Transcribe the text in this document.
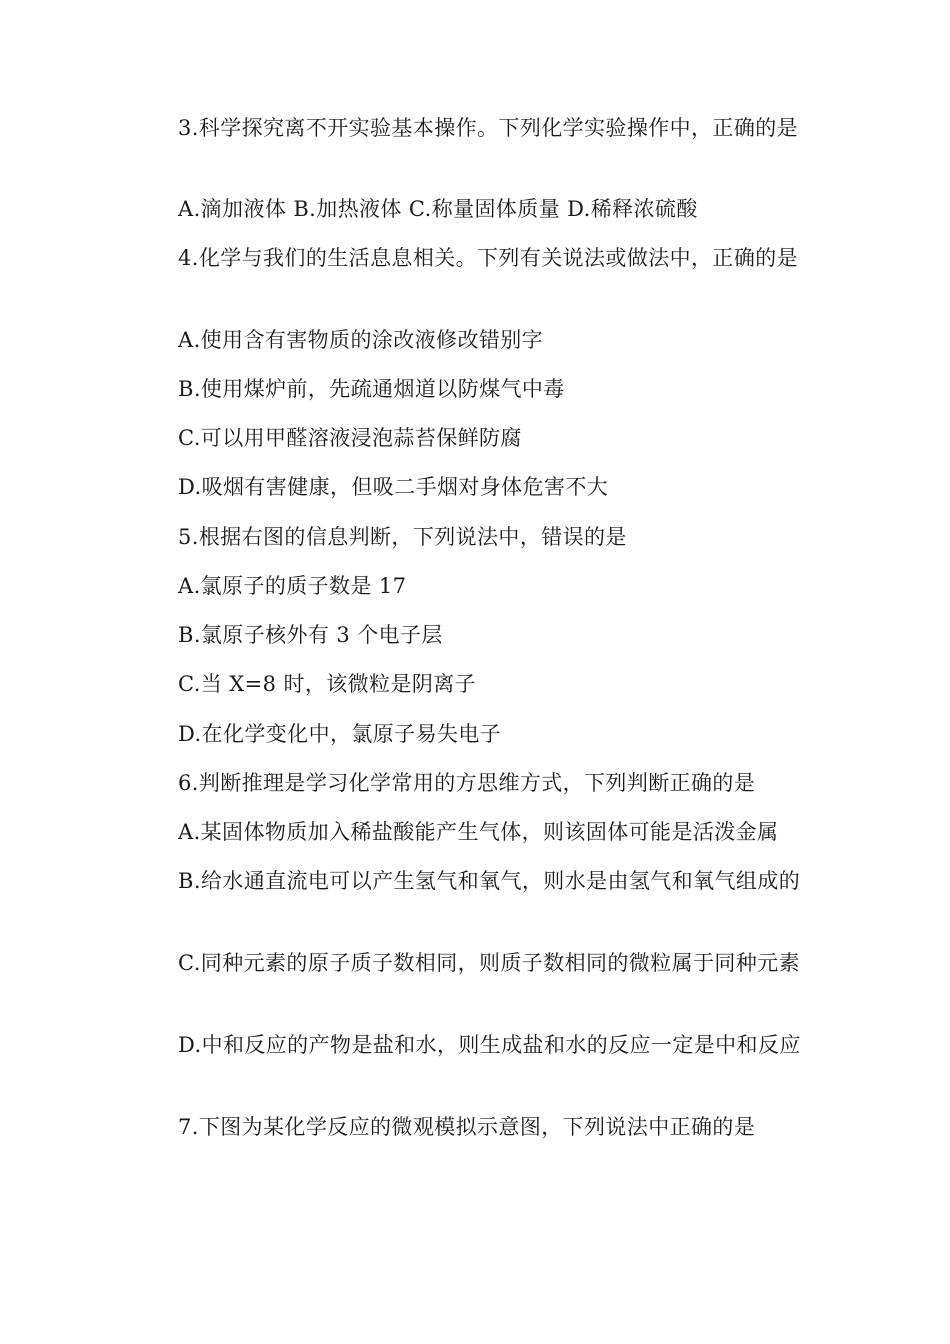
3.科学探究离不开实验基本操作。下列化学实验操作中，正确的是

A.滴加液体 B.加热液体 C.称量固体质量 D.稀释浓硫酸

4.化学与我们的生活息息相关。下列有关说法或做法中，正确的是

A.使用含有害物质的涂改液修改错别字

B.使用煤炉前，先疏通烟道以防煤气中毒

C.可以用甲醛溶液浸泡蒜苔保鲜防腐

D.吸烟有害健康，但吸二手烟对身体危害不大

5.根据右图的信息判断，下列说法中，错误的是

A.氯原子的质子数是 17

B.氯原子核外有 3 个电子层

C.当 X=8 时，该微粒是阴离子

D.在化学变化中，氯原子易失电子

6.判断推理是学习化学常用的方思维方式，下列判断正确的是

A.某固体物质加入稀盐酸能产生气体，则该固体可能是活泼金属

B.给水通直流电可以产生氢气和氧气，则水是由氢气和氧气组成的

C.同种元素的原子质子数相同，则质子数相同的微粒属于同种元素

D.中和反应的产物是盐和水，则生成盐和水的反应一定是中和反应

7.下图为某化学反应的微观模拟示意图，下列说法中正确的是
